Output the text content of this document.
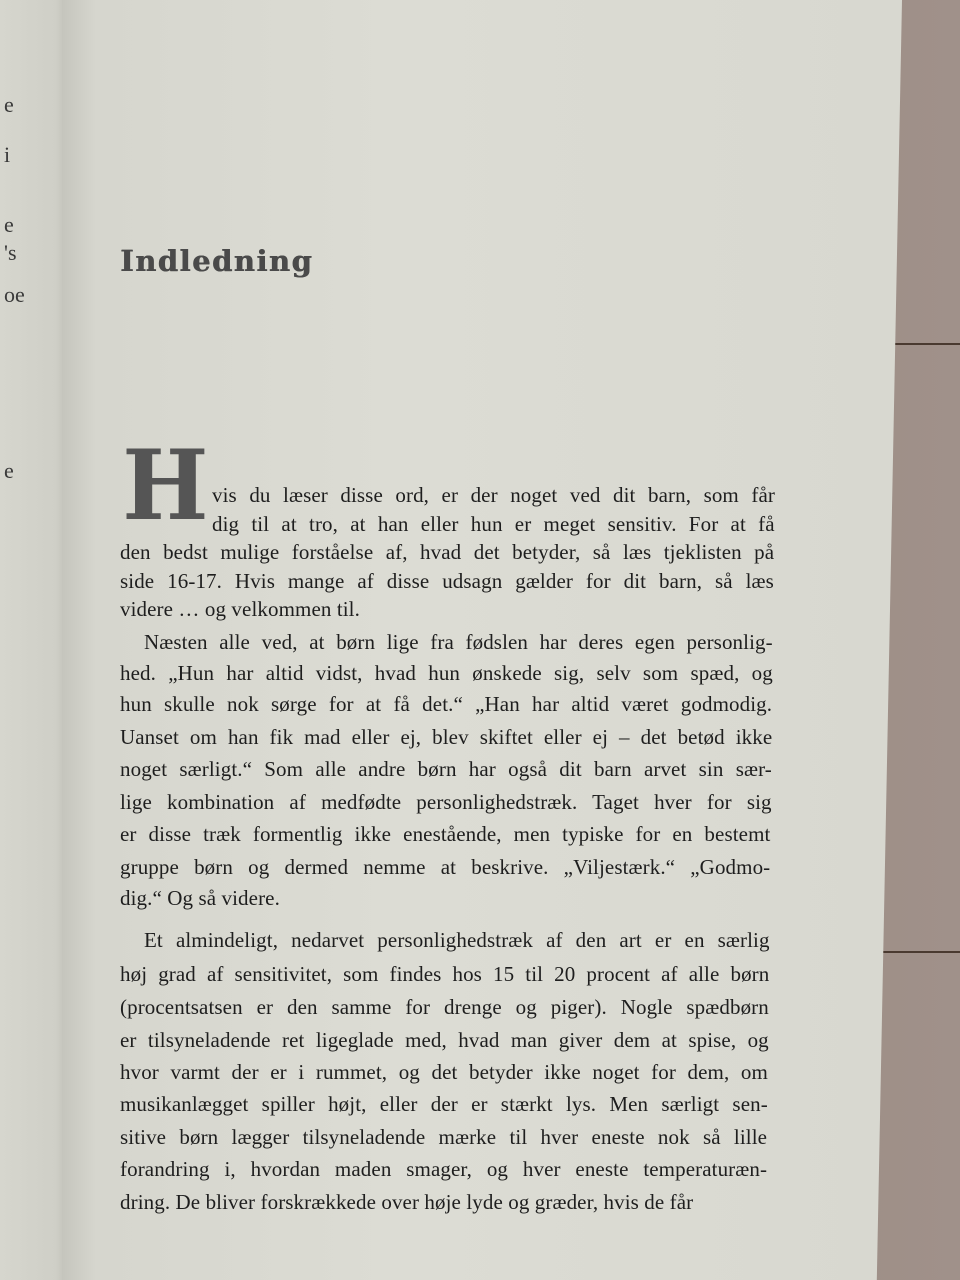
e
i
e
's
oe
e
Indledning
H vis du læser disse ord, er der noget ved dit barn, som får
dig til at tro, at han eller hun er meget sensitiv. For at få
den bedst mulige forståelse af, hvad det betyder, så læs tjeklisten på
side 16-17. Hvis mange af disse udsagn gælder for dit barn, så læs
videre … og velkommen til.
Næsten alle ved, at børn lige fra fødslen har deres egen personlig-
hed. „Hun har altid vidst, hvad hun ønskede sig, selv som spæd, og
hun skulle nok sørge for at få det.“ „Han har altid været godmodig.
Uanset om han fik mad eller ej, blev skiftet eller ej – det betød ikke
noget særligt.“ Som alle andre børn har også dit barn arvet sin sær-
lige kombination af medfødte personlighedstræk. Taget hver for sig
er disse træk formentlig ikke enestående, men typiske for en bestemt
gruppe børn og dermed nemme at beskrive. „Viljestærk.“ „Godmo-
dig.“ Og så videre.
Et almindeligt, nedarvet personlighedstræk af den art er en særlig
høj grad af sensitivitet, som findes hos 15 til 20 procent af alle børn
(procentsatsen er den samme for drenge og piger). Nogle spædbørn
er tilsyneladende ret ligeglade med, hvad man giver dem at spise, og
hvor varmt der er i rummet, og det betyder ikke noget for dem, om
musikanlægget spiller højt, eller der er stærkt lys. Men særligt sen-
sitive børn lægger tilsyneladende mærke til hver eneste nok så lille
forandring i, hvordan maden smager, og hver eneste temperaturæn-
dring. De bliver forskrækkede over høje lyde og græder, hvis de får
